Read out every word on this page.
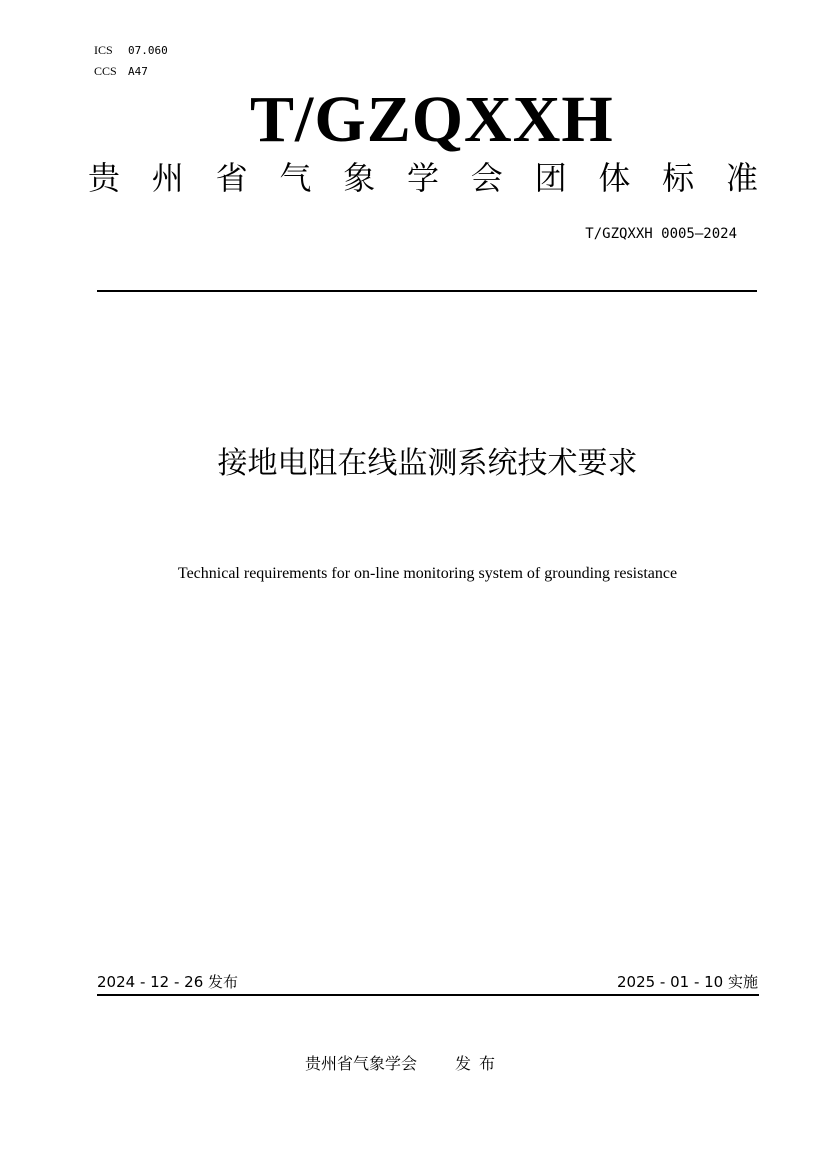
ICS 07.060
CCS A47
T/GZQXXH
贵 州 省 气 象 学 会 团 体 标 准
T/GZQXXH 0005—2024
接地电阻在线监测系统技术要求
Technical requirements for on-line monitoring system of grounding resistance
2024 - 12 - 26 发布	2025 - 01 - 10 实施
贵州省气象学会 发布
